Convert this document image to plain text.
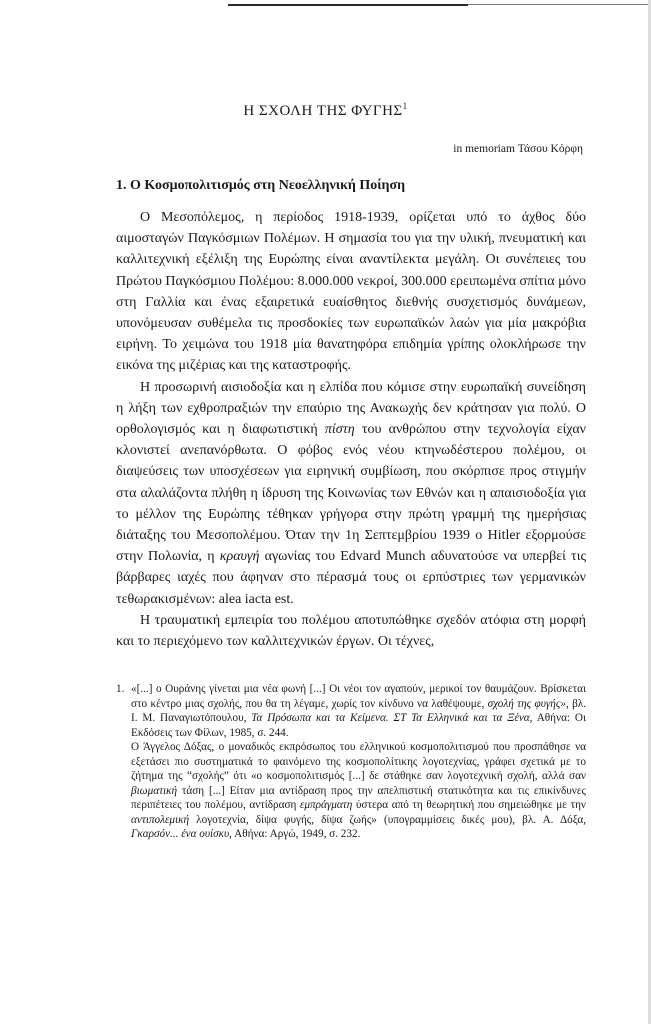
Η ΣΧΟΛΗ ΤΗΣ ΦΥΓΗΣ$^1$
in memoriam Τάσου Κόρφη
1. Ο Κοσμοπολιτισμός στη Νεοελληνική Ποίηση

Ο Μεσοπόλεμος, η περίοδος 1918-1939, ορίζεται υπό το άχθος δύο αιμοσταγών Παγκόσμιων Πολέμων. Η σημασία του για την υλική, πνευματική και καλλιτεχνική εξέλιξη της Ευρώπης είναι αναντίλεκτα μεγάλη. Οι συνέπειες του Πρώτου Παγκόσμιου Πολέμου: 8.000.000 νεκροί, 300.000 ερειπωμένα σπίτια μόνο στη Γαλλία και ένας εξαιρετικά ευαίσθητος διεθνής συσχετισμός δυνάμεων, υπονόμευσαν συθέμελα τις προσδοκίες των ευρωπαϊκών λαών για μία μακρόβια ειρήνη. Το χειμώνα του 1918 μία θανατηφόρα επιδημία γρίπης ολοκλήρωσε την εικόνα της μιζέριας και της καταστροφής.

Η προσωρινή αισιοδοξία και η ελπίδα που κόμισε στην ευρωπαϊκή συνείδηση η λήξη των εχθροπραξιών την επαύριο της Ανακωχής δεν κράτησαν για πολύ. Ο ορθολογισμός και η διαφωτιστική πίστη του ανθρώπου στην τεχνολογία είχαν κλονιστεί ανεπανόρθωτα. Ο φόβος ενός νέου κτηνωδέστερου πολέμου, οι διαψεύσεις των υποσχέσεων για ειρηνική συμβίωση, που σκόρπισε προς στιγμήν στα αλαλάζοντα πλήθη η ίδρυση της Κοινωνίας των Εθνών και η απαισιοδοξία για το μέλλον της Ευρώπης τέθηκαν γρήγορα στην πρώτη γραμμή της ημερήσιας διάταξης του Μεσοπολέμου. Όταν την 1η Σεπτεμβρίου 1939 ο Hitler εξορμούσε στην Πολωνία, η κραυγή αγωνίας του Edvard Munch αδυνατούσε να υπερβεί τις βάρβαρες ιαχές που άφηναν στο πέρασμά τους οι ερπύστριες των γερμανικών τεθωρακισμένων: alea iacta est.

Η τραυματική εμπειρία του πολέμου αποτυπώθηκε σχεδόν ατόφια στη μορφή και το περιεχόμενο των καλλιτεχνικών έργων. Οι τέχνες,

1. «[...] ο Ουράνης γίνεται μια νέα φωνή [...] Οι νέοι τον αγαπούν, μερικοί τον θαυμάζουν. Βρίσκεται στο κέντρο μιας σχολής, που θα τη λέγαμε, χωρίς τον κίνδυνο να λαθέψουμε, σχολή της φυγής», βλ. Ι. Μ. Παναγιωτόπουλου, Τα Πρόσωπα και τα Κείμενα. ΣΤ Τα Ελληνικά και τα Ξένα, Αθήνα: Οι Εκδόσεις των Φίλων, 1985, σ. 244.

Ο Άγγελος Δόξας, ο μοναδικός εκπρόσωπος του ελληνικού κοσμοπολιτισμού που προσπάθησε να εξετάσει πιο συστηματικά το φαινόμενο της κοσμοπολίτικης λογοτεχνίας, γράφει σχετικά με το ζήτημα της “σχολής” ότι «ο κοσμοπολιτισμός [...] δε στάθηκε σαν λογοτεχνική σχολή, αλλά σαν βιωματική τάση [...] Είταν μια αντίδραση προς την απελπιστική στατικότητα και τις επικίνδυνες περιπέτειες του πολέμου, αντίδραση εμπράγματη ύστερα από τη θεωρητική που σημειώθηκε με την αντιπολεμική λογοτεχνία, δίψα φυγής, δίψα ζωής» (υπογραμμίσεις δικές μου), βλ. Α. Δόξα, Γκαρσόν... ένα ουίσκυ, Αθήνα: Αργώ, 1949, σ. 232.
